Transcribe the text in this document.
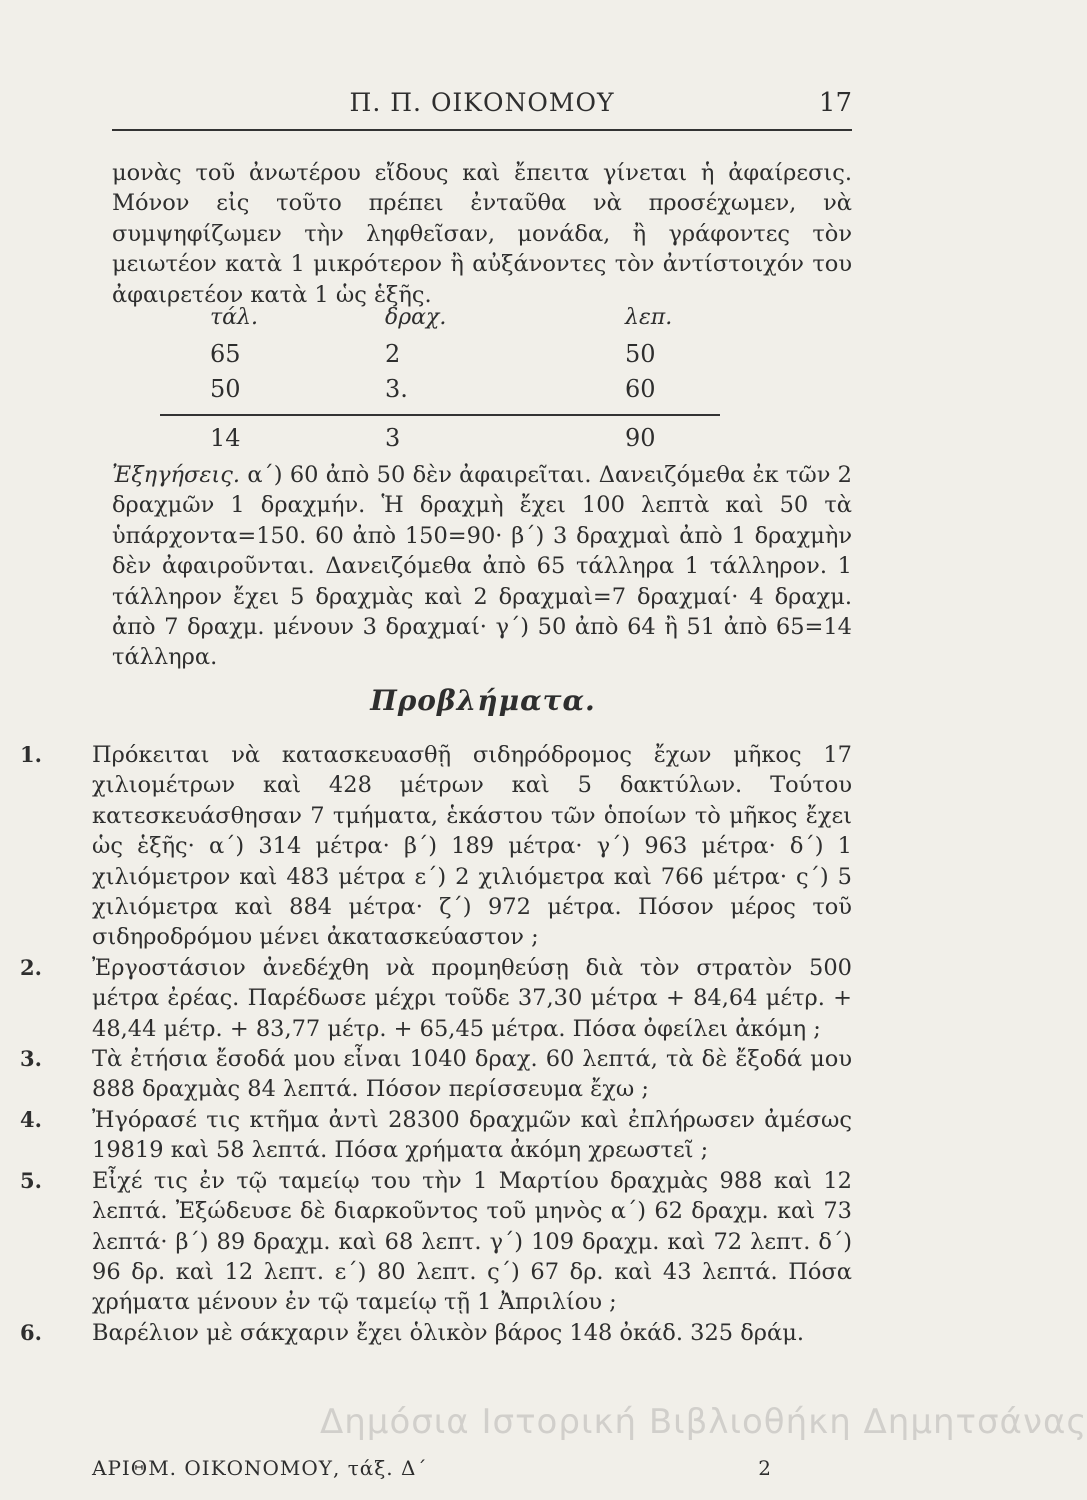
Π. Π. ΟΙΚΟΝΟΜΟΥ	17

μονὰς τοῦ ἀνωτέρου εἴδους καὶ ἔπειτα γίνεται ἡ ἀφαίρεσις. Μόνον εἰς τοῦτο πρέπει ἐνταῦθα νὰ προσέχωμεν, νὰ συμψηφίζωμεν τὴν ληφθεῖσαν, μονάδα, ἢ γράφοντες τὸν μειωτέον κατὰ 1 μικρότερον ἢ αὐξάνοντες τὸν ἀντίστοιχόν του ἀφαιρετέον κατὰ 1 ὡς ἑξῆς.

τάλ.	δραχ.	λεπ.
65	2	50
50	3.	60
14	3	90

Ἐξηγήσεις. α΄) 60 ἀπὸ 50 δὲν ἀφαιρεῖται. Δανειζόμεθα ἐκ τῶν 2 δραχμῶν 1 δραχμήν. Ἡ δραχμὴ ἔχει 100 λεπτὰ καὶ 50 τὰ ὑπάρχοντα=150. 60 ἀπὸ 150=90· β΄) 3 δραχμαὶ ἀπὸ 1 δραχμὴν δὲν ἀφαιροῦνται. Δανειζόμεθα ἀπὸ 65 τάλληρα 1 τάλληρον. 1 τάλληρον ἔχει 5 δραχμὰς καὶ 2 δραχμαὶ=7 δραχμαί· 4 δραχμ. ἀπὸ 7 δραχμ. μένουν 3 δραχμαί· γ΄) 50 ἀπὸ 64 ἢ 51 ἀπὸ 65=14 τάλληρα.

Προβλήματα.
1. Πρόκειται νὰ κατασκευασθῇ σιδηρόδρομος ἔχων μῆκος 17 χιλιομέτρων καὶ 428 μέτρων καὶ 5 δακτύλων. Τούτου κατεσκευάσθησαν 7 τμήματα, ἑκάστου τῶν ὁποίων τὸ μῆκος ἔχει ὡς ἑξῆς· α΄) 314 μέτρα· β΄) 189 μέτρα· γ΄) 963 μέτρα· δ΄) 1 χιλιόμετρον καὶ 483 μέτρα ε΄) 2 χιλιόμετρα καὶ 766 μέτρα· ς΄) 5 χιλιόμετρα καὶ 884 μέτρα· ζ΄) 972 μέτρα. Πόσον μέρος τοῦ σιδηροδρόμου μένει ἀκατασκεύαστον ;
2. Ἐργοστάσιον ἀνεδέχθη νὰ προμηθεύσῃ διὰ τὸν στρατὸν 500 μέτρα ἐρέας. Παρέδωσε μέχρι τοῦδε 37,30 μέτρα + 84,64 μέτρ. + 48,44 μέτρ. + 83,77 μέτρ. + 65,45 μέτρα. Πόσα ὀφείλει ἀκόμη ;
3. Τὰ ἐτήσια ἔσοδά μου εἶναι 1040 δραχ. 60 λεπτά, τὰ δὲ ἔξοδά μου 888 δραχμὰς 84 λεπτά. Πόσον περίσσευμα ἔχω ;
4. Ἠγόρασέ τις κτῆμα ἀντὶ 28300 δραχμῶν καὶ ἐπλήρωσεν ἀμέσως 19819 καὶ 58 λεπτά. Πόσα χρήματα ἀκόμη χρεωστεῖ ;
5. Εἶχέ τις ἐν τῷ ταμείῳ του τὴν 1 Μαρτίου δραχμὰς 988 καὶ 12 λεπτά. Ἐξώδευσε δὲ διαρκοῦντος τοῦ μηνὸς α΄) 62 δραχμ. καὶ 73 λεπτά· β΄) 89 δραχμ. καὶ 68 λεπτ. γ΄) 109 δραχμ. καὶ 72 λεπτ. δ΄) 96 δρ. καὶ 12 λεπτ. ε΄) 80 λεπτ. ς΄) 67 δρ. καὶ 43 λεπτά. Πόσα χρήματα μένουν ἐν τῷ ταμείῳ τῇ 1 Ἀπριλίου ;
6. Βαρέλιον μὲ σάκχαριν ἔχει ὁλικὸν βάρος 148 ὀκάδ. 325 δράμ.
Δημόσια Ιστορική Βιβλιοθήκη Δημητσάνας
ΑΡΙΘΜ. ΟΙΚΟΝΟΜΟΥ, τάξ. Δ΄	2
